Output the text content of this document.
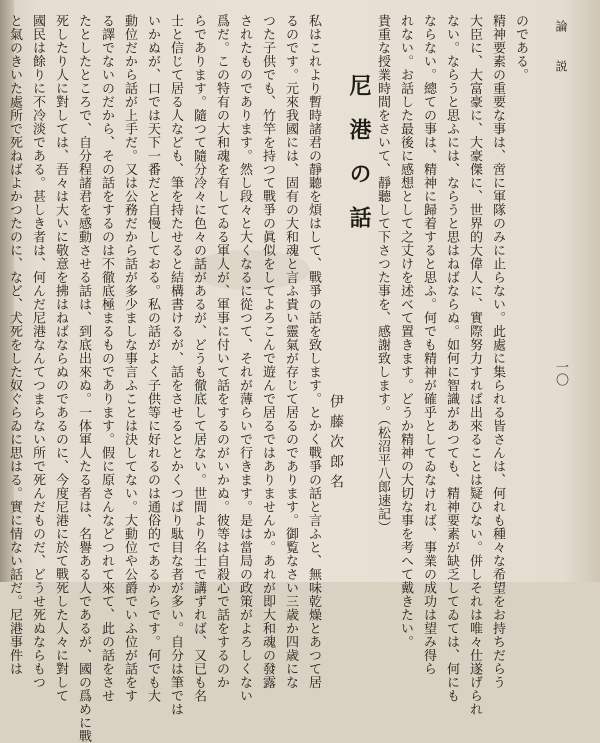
論 説
一〇
のである。
精神要素の重要な事は、啻に軍隊のみに止らない。此處に集られる皆さんは、何れも種々な希望をお持ちだらう
大臣に、大富豪に、大豪傑に、世界的大偉人に、實際努力すれば出來ることは疑ひない。併しそれは唯々仕遂げられ
ない。ならうと思ふには、ならうと思はねばならぬ。如何に智識があつても、精神要素が缺乏してゐては、何にも
ならない。總ての事は、精神に歸着すると思ふ。何でも精神が確乎としてゐなければ、事業の成功は望み得ら
れない。お話した最後に感想として之丈けを述べて置きます。どうか精神の大切な事を考へて戴きたい。
貴重な授業時間をさいて、靜聽して下さつた事を、感謝致します。（松沼平八郎速記）
尼港の話
伊藤次郎名
私はこれより暫時諸君の靜聽を煩はして、戰爭の話を致します。とかく戰爭の話と言ふと、無味乾燥とあつて居
るのです。元來我國には、固有の大和魂と言ふ貴い靈氣が存じて居るのであります。御覧なさい三歳か四歳にな
つた子供でも、竹竿を持つて戰爭の眞似をしてよろこんで遊んで居るではありませんか。あれが即大和魂の發露
されたものであります。然し段々と大くなるに從つて、それが薄らいで行きます。是は當局の政策がよろしくない
爲だ。この特有の大和魂を有してゐる軍人が、軍事に付いて話をするのがいかぬ。彼等は自殺心で話をするのか
らであります。隨つて隨分冷々に色々の話があるが、どうも徹底して居ない。世間より名士で講ずれば、又已も名
士と信じて居る人なども、筆を持たせると結構書けるが、話をさせるととかくつぱり駄目な者が多い。自分は筆では
いかぬが、口では天下一番だと自慢しておる。私の話がよく子供等に好れるのは通俗的であるからです。何でも大
動位だから話が上手だ。又は公務だから話が多少ましな事言ふことは決してない。大動位や公爵でいふ位が話をす
る譯でないのだから、その話をするのは不徹底極まるものであります。假に原さんなどつれて來て、此の話をさせ
たとしたところで、自分程諸君を感動させる話は、到底出來ぬ。一体軍人たる者は、名譽ある人であるが、國の爲めに戰
死したり人に對しては、吾々は大いに敬意を拂はねばならぬのであるのに、今度尼港に於て戰死した人々に對して
國民は餘りに不冷淡である。甚しき者は、何んだ尼港なんてつまらない所で死んだものだ、どうせ死ぬならもつ
と氣のきいた處所で死ねばよかつたのに、など、犬死をした奴ぐらゐに思はる。實に情ない話だ。尼港事件は
